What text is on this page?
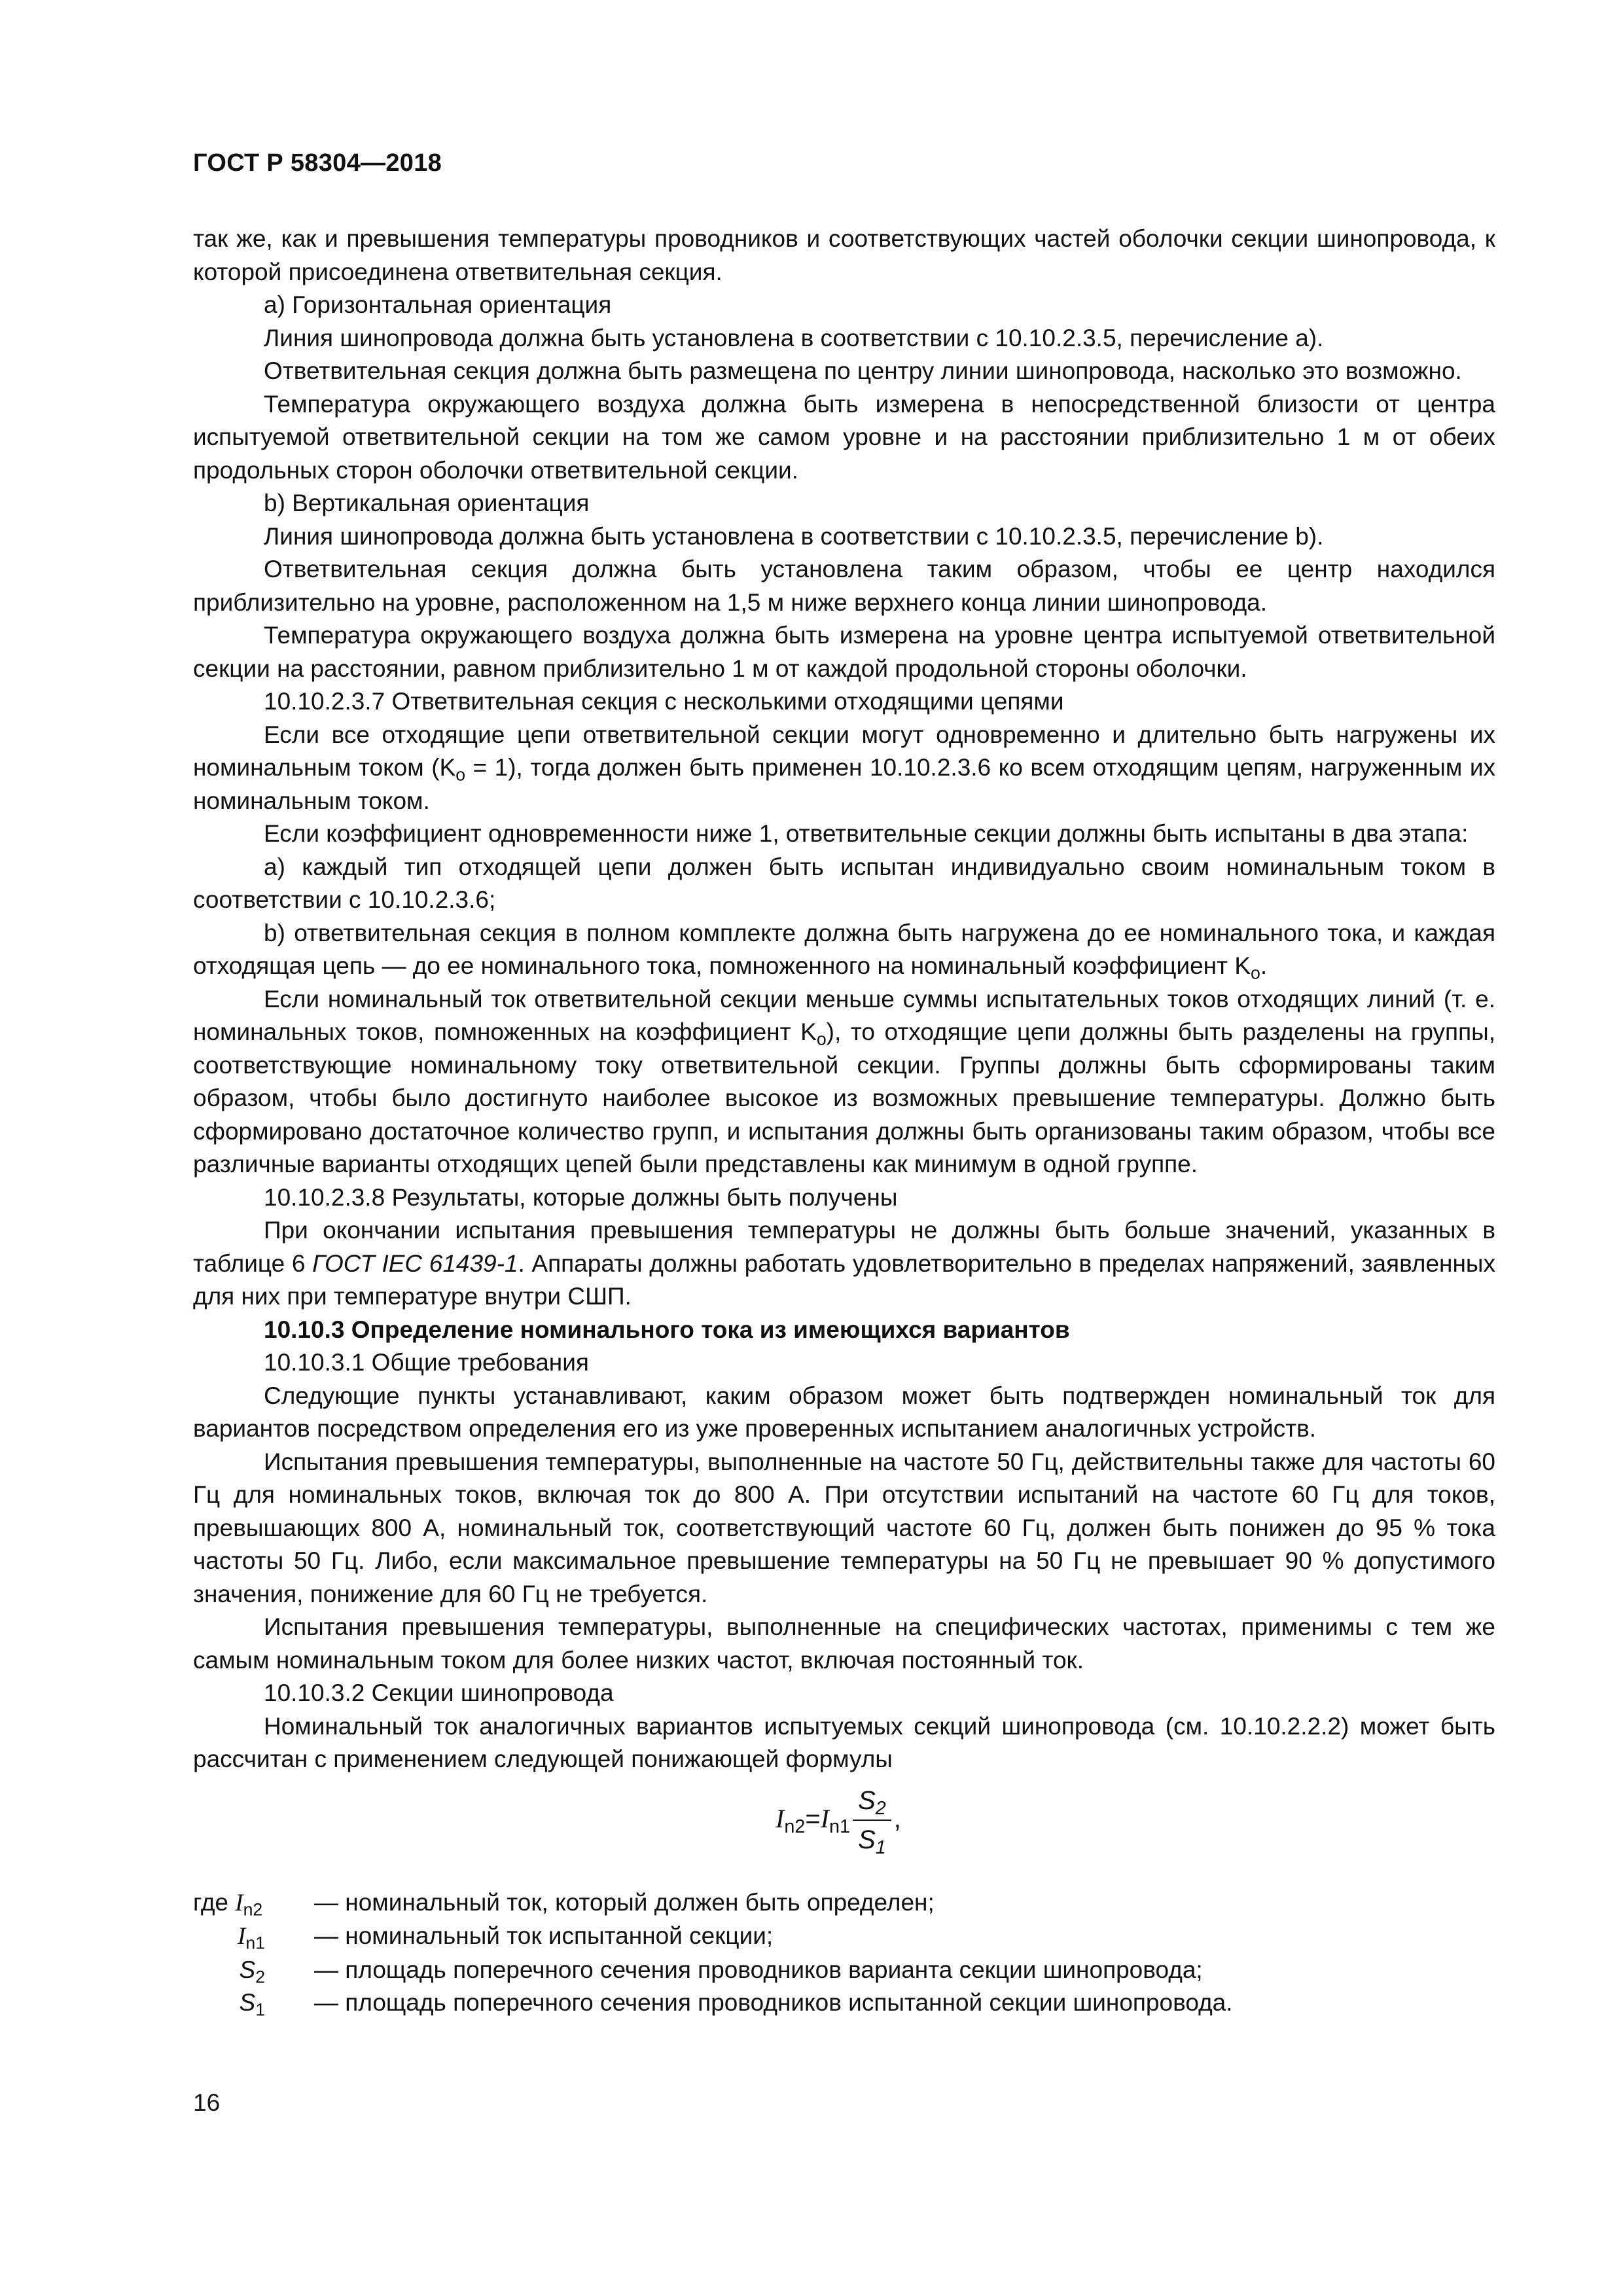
ГОСТ Р 58304—2018

так же, как и превышения температуры проводников и соответствующих частей оболочки секции шинопровода, к которой присоединена ответвительная секция.

а) Горизонтальная ориентация

Линия шинопровода должна быть установлена в соответствии с 10.10.2.3.5, перечисление а).

Ответвительная секция должна быть размещена по центру линии шинопровода, насколько это возможно.

Температура окружающего воздуха должна быть измерена в непосредственной близости от центра испытуемой ответвительной секции на том же самом уровне и на расстоянии приблизительно 1 м от обеих продольных сторон оболочки ответвительной секции.

b) Вертикальная ориентация

Линия шинопровода должна быть установлена в соответствии с 10.10.2.3.5, перечисление b).

Ответвительная секция должна быть установлена таким образом, чтобы ее центр находился приблизительно на уровне, расположенном на 1,5 м ниже верхнего конца линии шинопровода.

Температура окружающего воздуха должна быть измерена на уровне центра испытуемой ответвительной секции на расстоянии, равном приблизительно 1 м от каждой продольной стороны оболочки.

10.10.2.3.7 Ответвительная секция с несколькими отходящими цепями

Если все отходящие цепи ответвительной секции могут одновременно и длительно быть нагружены их номинальным током $(K_o = 1)$, тогда должен быть применен 10.10.2.3.6 ко всем отходящим цепям, нагруженным их номинальным током.

Если коэффициент одновременности ниже 1, ответвительные секции должны быть испытаны в два этапа:

а) каждый тип отходящей цепи должен быть испытан индивидуально своим номинальным током в соответствии с 10.10.2.3.6;

b) ответвительная секция в полном комплекте должна быть нагружена до ее номинального тока, и каждая отходящая цепь — до ее номинального тока, помноженного на номинальный коэффициент $K_o$.

Если номинальный ток ответвительной секции меньше суммы испытательных токов отходящих линий (т. е. номинальных токов, помноженных на коэффициент $K_o$), то отходящие цепи должны быть разделены на группы, соответствующие номинальному току ответвительной секции. Группы должны быть сформированы таким образом, чтобы было достигнуто наиболее высокое из возможных превышение температуры. Должно быть сформировано достаточное количество групп, и испытания должны быть организованы таким образом, чтобы все различные варианты отходящих цепей были представлены как минимум в одной группе.

10.10.2.3.8 Результаты, которые должны быть получены

При окончании испытания превышения температуры не должны быть больше значений, указанных в таблице 6 ГОСТ IEC 61439-1. Аппараты должны работать удовлетворительно в пределах напряжений, заявленных для них при температуре внутри СШП.

10.10.3 Определение номинального тока из имеющихся вариантов

10.10.3.1 Общие требования

Следующие пункты устанавливают, каким образом может быть подтвержден номинальный ток для вариантов посредством определения его из уже проверенных испытанием аналогичных устройств.

Испытания превышения температуры, выполненные на частоте 50 Гц, действительны также для частоты 60 Гц для номинальных токов, включая ток до 800 А. При отсутствии испытаний на частоте 60 Гц для токов, превышающих 800 А, номинальный ток, соответствующий частоте 60 Гц, должен быть понижен до 95 % тока частоты 50 Гц. Либо, если максимальное превышение температуры на 50 Гц не превышает 90 % допустимого значения, понижение для 60 Гц не требуется.

Испытания превышения температуры, выполненные на специфических частотах, применимы с тем же самым номинальным током для более низких частот, включая постоянный ток.

10.10.3.2 Секции шинопровода

Номинальный ток аналогичных вариантов испытуемых секций шинопровода (см. 10.10.2.2.2) может быть рассчитан с применением следующей понижающей формулы

$I_{n2}=I_{n1} \frac{S_2}{S_1}$ ,
где $I_{n2}$	— номинальный ток, который должен быть определен;
$I_{n1}$	— номинальный ток испытанной секции;
$S_2$	— площадь поперечного сечения проводников варианта секции шинопровода;
$S_1$	— площадь поперечного сечения проводников испытанной секции шинопровода.
16
